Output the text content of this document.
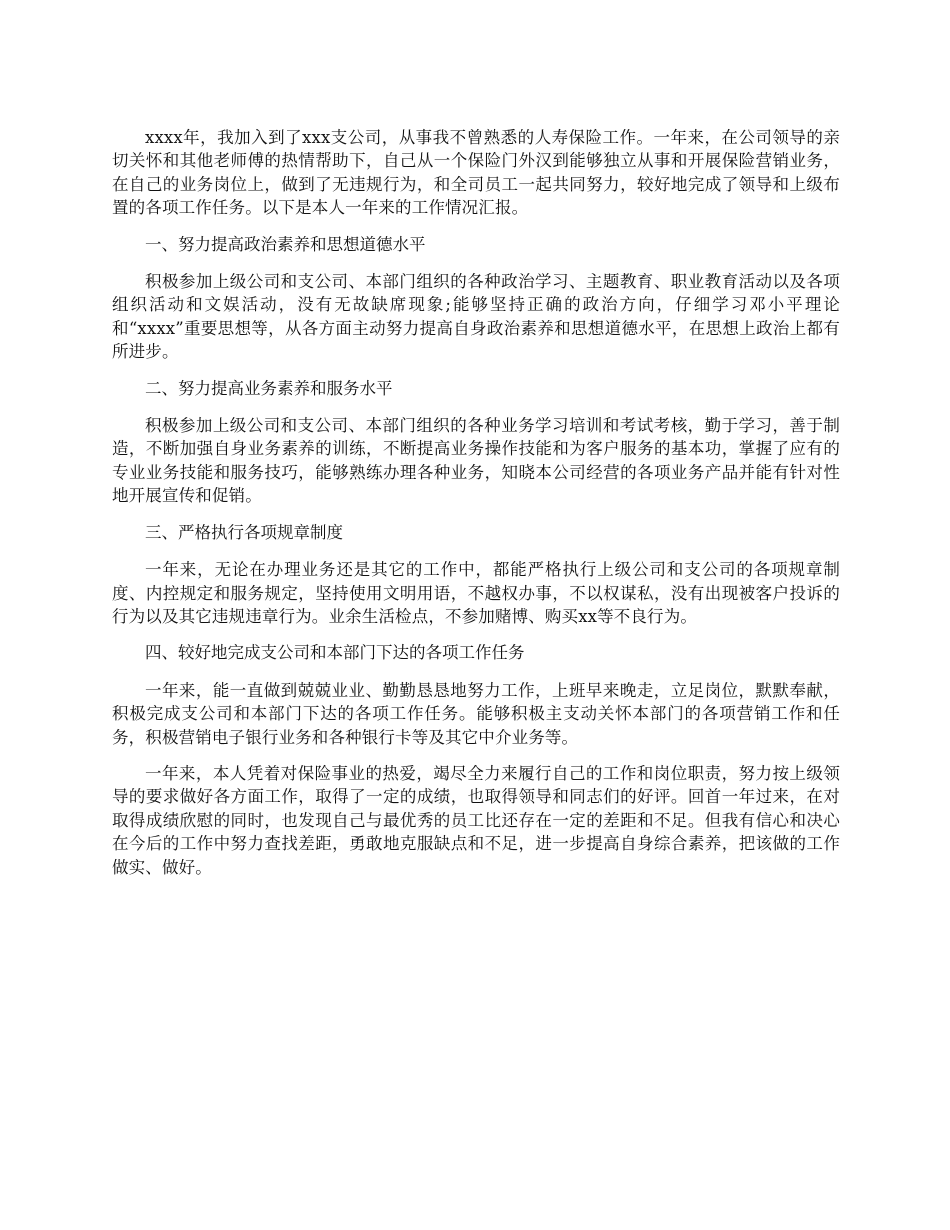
xxxx年，我加入到了xxx支公司，从事我不曾熟悉的人寿保险工作。一年来，在公司领导的亲切关怀和其他老师傅的热情帮助下，自己从一个保险门外汉到能够独立从事和开展保险营销业务，在自己的业务岗位上，做到了无违规行为，和全司员工一起共同努力，较好地完成了领导和上级布置的各项工作任务。以下是本人一年来的工作情况汇报。

一、努力提高政治素养和思想道德水平

积极参加上级公司和支公司、本部门组织的各种政治学习、主题教育、职业教育活动以及各项组织活动和文娱活动，没有无故缺席现象;能够坚持正确的政治方向，仔细学习邓小平理论和“xxxx”重要思想等，从各方面主动努力提高自身政治素养和思想道德水平，在思想上政治上都有所进步。

二、努力提高业务素养和服务水平

积极参加上级公司和支公司、本部门组织的各种业务学习培训和考试考核，勤于学习，善于制造，不断加强自身业务素养的训练，不断提高业务操作技能和为客户服务的基本功，掌握了应有的专业业务技能和服务技巧，能够熟练办理各种业务，知晓本公司经营的各项业务产品并能有针对性地开展宣传和促销。

三、严格执行各项规章制度

一年来，无论在办理业务还是其它的工作中，都能严格执行上级公司和支公司的各项规章制度、内控规定和服务规定，坚持使用文明用语，不越权办事，不以权谋私，没有出现被客户投诉的行为以及其它违规违章行为。业余生活检点，不参加赌博、购买xx等不良行为。

四、较好地完成支公司和本部门下达的各项工作任务

一年来，能一直做到兢兢业业、勤勤恳恳地努力工作，上班早来晚走，立足岗位，默默奉献，积极完成支公司和本部门下达的各项工作任务。能够积极主支动关怀本部门的各项营销工作和任务，积极营销电子银行业务和各种银行卡等及其它中介业务等。

一年来，本人凭着对保险事业的热爱，竭尽全力来履行自己的工作和岗位职责，努力按上级领导的要求做好各方面工作，取得了一定的成绩，也取得领导和同志们的好评。回首一年过来，在对取得成绩欣慰的同时，也发现自己与最优秀的员工比还存在一定的差距和不足。但我有信心和决心在今后的工作中努力查找差距，勇敢地克服缺点和不足，进一步提高自身综合素养，把该做的工作做实、做好。
